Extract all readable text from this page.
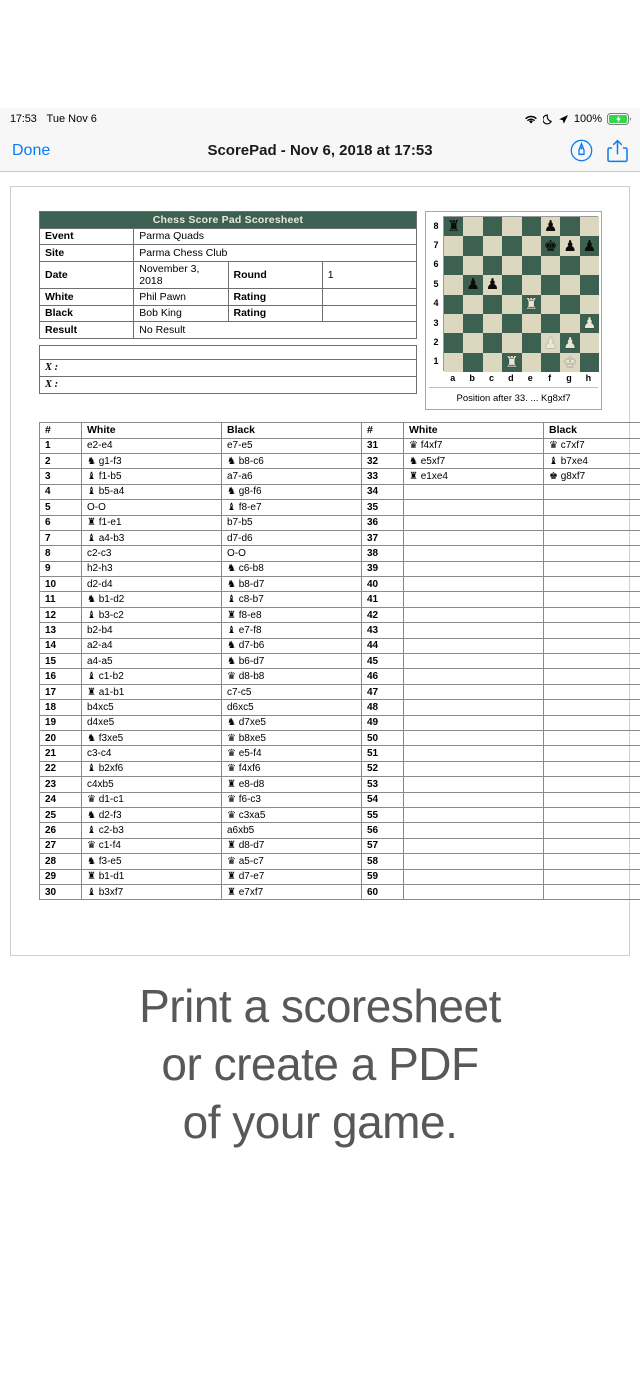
17:53 Tue Nov 6	100%
Done	ScorePad - Nov 6, 2018 at 17:53
Chess Score Pad Scoresheet			
Event	Parma Quads		
Site	Parma Chess Club		
Date	November 3, 2018	Round	1
White	Phil Pawn	Rating	
Black	Bob King	Rating	
Result	No Result		

X :
X :
8
7
6
5
4
3
2
1
♜	♟
♚ ♟ ♟
♟ ♟
♜
♟
♟ ♟
♜	♚
a	b	c	d	e	f	g	h
Position after 33. ... Kg8xf7
#	White	Black	#	White	Black
1	e2-e4	e7-e5	31	♛ f4xf7	♛ c7xf7
2	♞ g1-f3	♞ b8-c6	32	♞ e5xf7	♝ b7xe4
3	♝ f1-b5	a7-a6	33	♜ e1xe4	♚ g8xf7
4	♝ b5-a4	♞ g8-f6	34		
5	O-O	♝ f8-e7	35		
6	♜ f1-e1	b7-b5	36		
7	♝ a4-b3	d7-d6	37		
8	c2-c3	O-O	38		
9	h2-h3	♞ c6-b8	39		
10	d2-d4	♞ b8-d7	40		
11	♞ b1-d2	♝ c8-b7	41		
12	♝ b3-c2	♜ f8-e8	42		
13	b2-b4	♝ e7-f8	43		
14	a2-a4	♞ d7-b6	44		
15	a4-a5	♞ b6-d7	45		
16	♝ c1-b2	♛ d8-b8	46		
17	♜ a1-b1	c7-c5	47		
18	b4xc5	d6xc5	48		
19	d4xe5	♞ d7xe5	49		
20	♞ f3xe5	♛ b8xe5	50		
21	c3-c4	♛ e5-f4	51		
22	♝ b2xf6	♛ f4xf6	52		
23	c4xb5	♜ e8-d8	53		
24	♛ d1-c1	♛ f6-c3	54		
25	♞ d2-f3	♛ c3xa5	55		
26	♝ c2-b3	a6xb5	56		
27	♛ c1-f4	♜ d8-d7	57		
28	♞ f3-e5	♛ a5-c7	58		
29	♜ b1-d1	♜ d7-e7	59		
30	♝ b3xf7	♜ e7xf7	60		
Print a scoresheet
or create a PDF
of your game.
